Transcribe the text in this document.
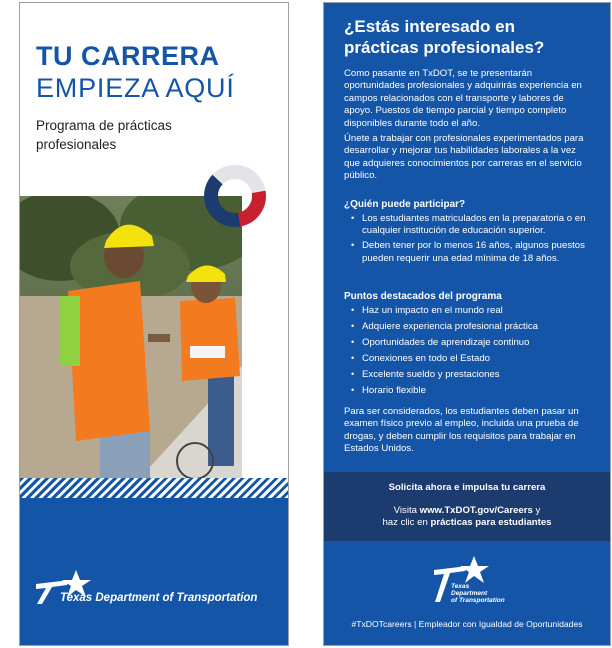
TU CARRERA
EMPIEZA AQUÍ
Programa de prácticas profesionales
Texas Department of Transportation
¿Estás interesado en prácticas profesionales?
Como pasante en TxDOT, se te presentarán oportunidades profesionales y adquirirás experiencia en campos relacionados con el transporte y labores de apoyo. Puestos de tiempo parcial y tiempo completo disponibles durante todo el año.
Únete a trabajar con profesionales experimentados para desarrollar y mejorar tus habilidades laborales a la vez que adquieres conocimientos por carreras en el servicio público.
¿Quién puede participar?
• Los estudiantes matriculados en la preparatoria o en cualquier institución de educación superior.
• Deben tener por lo menos 16 años, algunos puestos pueden requerir una edad mínima de 18 años.
Puntos destacados del programa
• Haz un impacto en el mundo real
• Adquiere experiencia profesional práctica
• Oportunidades de aprendizaje continuo
• Conexiones en todo el Estado
• Excelente sueldo y prestaciones
• Horario flexible
Para ser considerados, los estudiantes deben pasar un examen físico previo al empleo, incluida una prueba de drogas, y deben cumplir los requisitos para trabajar en Estados Unidos.
Solicita ahora e impulsa tu carrera
Visita www.TxDOT.gov/Careers y
haz clic en prácticas para estudiantes
Texas
Department
of Transportation
#TxDOTcareers | Empleador con Igualdad de Oportunidades
